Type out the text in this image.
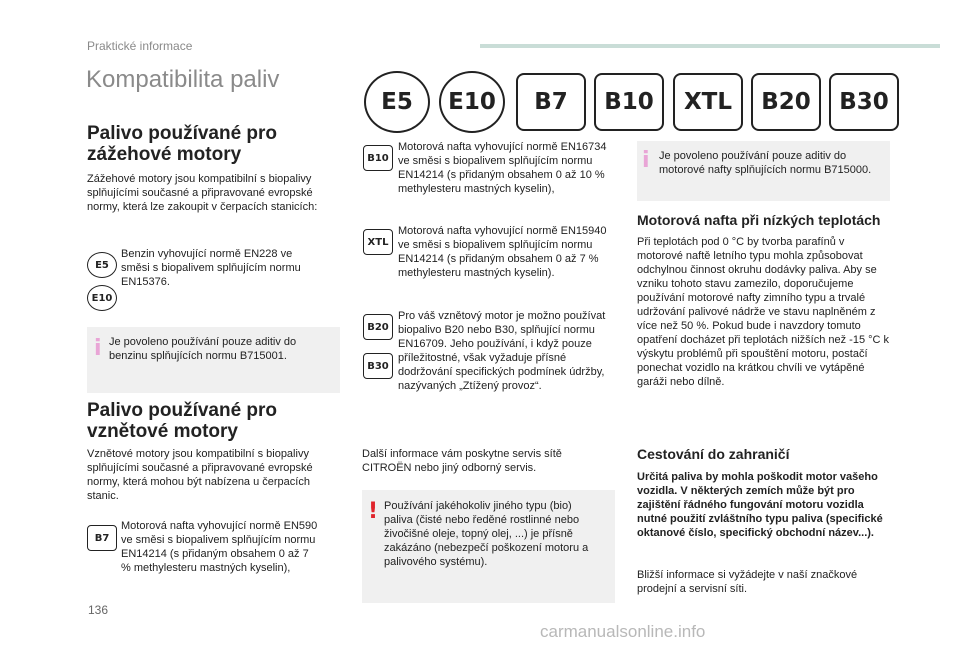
Praktické informace
Kompatibilita paliv
E5	E10	B7	B10	XTL	B20	B30
Palivo používané pro zážehové motory
Zážehové motory jsou kompatibilní s biopalivy splňujícími současné a připravované evropské normy, která lze zakoupit v čerpacích stanicích:
E5
E10
Benzin vyhovující normě EN228 ve směsi s biopalivem splňujícím normu EN15376.
i Je povoleno používání pouze aditiv do benzinu splňujících normu B715001.
Palivo používané pro vznětové motory
Vznětové motory jsou kompatibilní s biopalivy splňujícími současné a připravované evropské normy, která mohou být nabízena u čerpacích stanic.
B7
Motorová nafta vyhovující normě EN590 ve směsi s biopalivem splňujícím normu EN14214 (s přidaným obsahem 0 až 7 % methylesteru mastných kyselin),
B10
Motorová nafta vyhovující normě EN16734 ve směsi s biopalivem splňujícím normu EN14214 (s přidaným obsahem 0 až 10 % methylesteru mastných kyselin),
XTL
Motorová nafta vyhovující normě EN15940 ve směsi s biopalivem splňujícím normu EN14214 (s přidaným obsahem 0 až 7 % methylesteru mastných kyselin).
B20
B30
Pro váš vznětový motor je možno používat biopalivo B20 nebo B30, splňující normu EN16709. Jeho používání, i když pouze příležitostné, však vyžaduje přísné dodržování specifických podmínek údržby, nazývaných „Ztížený provoz“.
Další informace vám poskytne servis sítě CITROËN nebo jiný odborný servis.
! Používání jakéhokoliv jiného typu (bio) paliva (čisté nebo ředěné rostlinné nebo živočišné oleje, topný olej, ...) je přísně zakázáno (nebezpečí poškození motoru a palivového systému).
i Je povoleno používání pouze aditiv do motorové nafty splňujících normu B715000.
Motorová nafta při nízkých teplotách
Při teplotách pod 0 °C by tvorba parafínů v motorové naftě letního typu mohla způsobovat odchylnou činnost okruhu dodávky paliva. Aby se vzniku tohoto stavu zamezilo, doporučujeme používání motorové nafty zimního typu a trvalé udržování palivové nádrže ve stavu naplněném z více než 50 %. Pokud bude i navzdory tomuto opatření docházet při teplotách nižších než -15 °C k výskytu problémů při spouštění motoru, postačí ponechat vozidlo na krátkou chvíli ve vytápěné garáži nebo dílně.
Cestování do zahraničí
Určitá paliva by mohla poškodit motor vašeho vozidla. V některých zemích může být pro zajištění řádného fungování motoru vozidla nutné použití zvláštního typu paliva (specifické oktanové číslo, specifický obchodní název...).
Bližší informace si vyžádejte v naší značkové prodejní a servisní síti.
136
carmanualsonline.info
